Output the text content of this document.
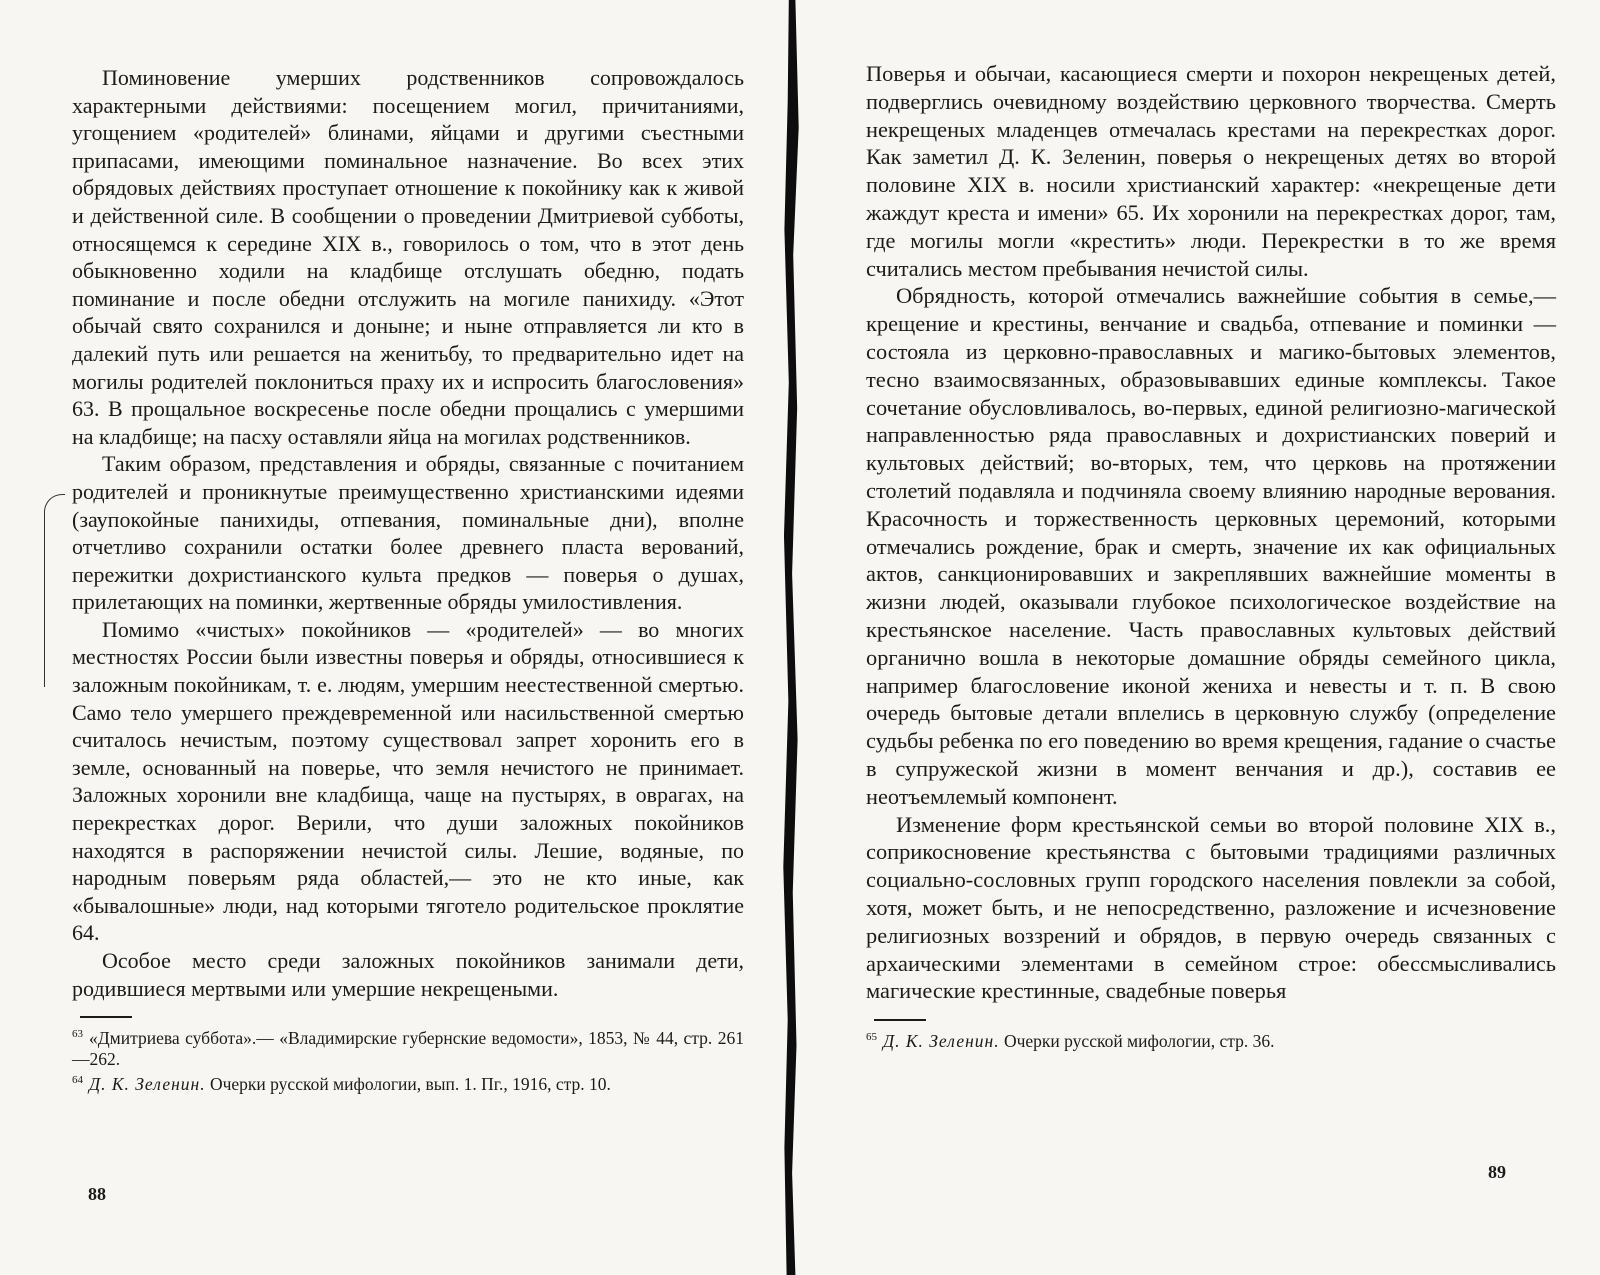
Поминовение умерших родственников сопровождалось характерными действиями: посещением могил, причитаниями, угощением «родителей» блинами, яйцами и другими съестными припасами, имеющими поминальное назначение. Во всех этих обрядовых действиях проступает отношение к покойнику как к живой и действенной силе. В сообщении о проведении Дмитриевой субботы, относящемся к середине XIX в., говорилось о том, что в этот день обыкновенно ходили на кладбище отслушать обедню, подать поминание и после обедни отслужить на могиле панихиду. «Этот обычай свято сохранился и доныне; и ныне отправляется ли кто в далекий путь или решается на женитьбу, то предварительно идет на могилы родителей поклониться праху их и испросить благословения» 63. В прощальное воскресенье после обедни прощались с умершими на кладбище; на пасху оставляли яйца на могилах родственников.

Таким образом, представления и обряды, связанные с почитанием родителей и проникнутые преимущественно христианскими идеями (заупокойные панихиды, отпевания, поминальные дни), вполне отчетливо сохранили остатки более древнего пласта верований, пережитки дохристианского культа предков — поверья о душах, прилетающих на поминки, жертвенные обряды умилостивления.

Помимо «чистых» покойников — «родителей» — во многих местностях России были известны поверья и обряды, относившиеся к заложным покойникам, т. е. людям, умершим неестественной смертью. Само тело умершего преждевременной или насильственной смертью считалось нечистым, поэтому существовал запрет хоронить его в земле, основанный на поверье, что земля нечистого не принимает. Заложных хоронили вне кладбища, чаще на пустырях, в оврагах, на перекрестках дорог. Верили, что души заложных покойников находятся в распоряжении нечистой силы. Лешие, водяные, по народным поверьям ряда областей,— это не кто иные, как «бывалошные» люди, над которыми тяготело родительское проклятие 64.

Особое место среди заложных покойников занимали дети, родившиеся мертвыми или умершие некрещеными.

$^{63}$ «Дмитриева суббота».— «Владимирские губернские ведомости», 1853, № 44, стр. 261—262.

$^{64}$ Д. К. Зеленин. Очерки русской мифологии, вып. 1. Пг., 1916, стр. 10.

88

Поверья и обычаи, касающиеся смерти и похорон некрещеных детей, подверглись очевидному воздействию церковного творчества. Смерть некрещеных младенцев отмечалась крестами на перекрестках дорог. Как заметил Д. К. Зеленин, поверья о некрещеных детях во второй половине XIX в. носили христианский характер: «некрещеные дети жаждут креста и имени» 65. Их хоронили на перекрестках дорог, там, где могилы могли «крестить» люди. Перекрестки в то же время считались местом пребывания нечистой силы.

Обрядность, которой отмечались важнейшие события в семье,— крещение и крестины, венчание и свадьба, отпевание и поминки — состояла из церковно-православных и магико-бытовых элементов, тесно взаимосвязанных, образовывавших единые комплексы. Такое сочетание обусловливалось, во-первых, единой религиозно-магической направленностью ряда православных и дохристианских поверий и культовых действий; во-вторых, тем, что церковь на протяжении столетий подавляла и подчиняла своему влиянию народные верования. Красочность и торжественность церковных церемоний, которыми отмечались рождение, брак и смерть, значение их как официальных актов, санкционировавших и закреплявших важнейшие моменты в жизни людей, оказывали глубокое психологическое воздействие на крестьянское население. Часть православных культовых действий органично вошла в некоторые домашние обряды семейного цикла, например благословение иконой жениха и невесты и т. п. В свою очередь бытовые детали вплелись в церковную службу (определение судьбы ребенка по его поведению во время крещения, гадание о счастье в супружеской жизни в момент венчания и др.), составив ее неотъемлемый компонент.

Изменение форм крестьянской семьи во второй половине XIX в., соприкосновение крестьянства с бытовыми традициями различных социально-сословных групп городского населения повлекли за собой, хотя, может быть, и не непосредственно, разложение и исчезновение религиозных воззрений и обрядов, в первую очередь связанных с архаическими элементами в семейном строе: обессмысливались магические крестинные, свадебные поверья

$^{65}$ Д. К. Зеленин. Очерки русской мифологии, стр. 36.

89
